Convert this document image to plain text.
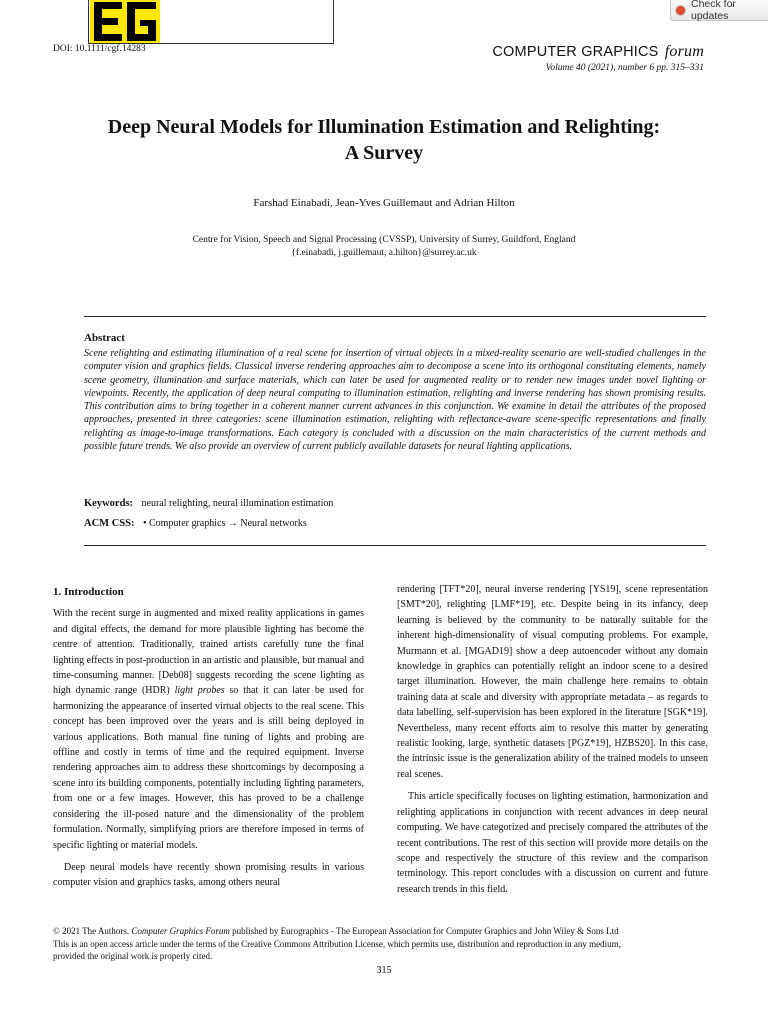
Check for updates
DOI: 10.1111/cgf.14283	COMPUTER GRAPHICS forum
Volume 40 (2021), number 6 pp. 315–331
Deep Neural Models for Illumination Estimation and Relighting:
A Survey
Farshad Einabadi, Jean-Yves Guillemaut and Adrian Hilton
Centre for Vision, Speech and Signal Processing (CVSSP), University of Surrey, Guildford, England
{f.einabadi, j.guillemaut, a.hilton}@surrey.ac.uk
Abstract

Scene relighting and estimating illumination of a real scene for insertion of virtual objects in a mixed-reality scenario are well-studied challenges in the computer vision and graphics fields. Classical inverse rendering approaches aim to decompose a scene into its orthogonal constituting elements, namely scene geometry, illumination and surface materials, which can later be used for augmented reality or to render new images under novel lighting or viewpoints. Recently, the application of deep neural computing to illumination estimation, relighting and inverse rendering has shown promising results. This contribution aims to bring together in a coherent manner current advances in this conjunction. We examine in detail the attributes of the proposed approaches, presented in three categories: scene illumination estimation, relighting with reflectance-aware scene-specific representations and finally relighting as image-to-image transformations. Each category is concluded with a discussion on the main characteristics of the current methods and possible future trends. We also provide an overview of current publicly available datasets for neural lighting applications.

Keywords: neural relighting, neural illumination estimation
ACM CSS: • Computer graphics → Neural networks

1. Introduction

With the recent surge in augmented and mixed reality applications in games and digital effects, the demand for more plausible lighting has become the centre of attention. Traditionally, trained artists carefully tune the final lighting effects in post-production in an artistic and plausible, but manual and time-consuming manner. [Deb08] suggests recording the scene lighting as high dynamic range (HDR) light probes so that it can later be used for harmonizing the appearance of inserted virtual objects to the real scene. This concept has been improved over the years and is still being deployed in various applications. Both manual fine tuning of lights and probing are offline and costly in terms of time and the required equipment. Inverse rendering approaches aim to address these shortcomings by decomposing a scene into its building components, potentially including lighting parameters, from one or a few images. However, this has proved to be a challenge considering the ill-posed nature and the dimensionality of the problem formulation. Normally, simplifying priors are therefore imposed in terms of specific lighting or material models.

Deep neural models have recently shown promising results in various computer vision and graphics tasks, among others neural

rendering [TFT*20], neural inverse rendering [YS19], scene representation [SMT*20], relighting [LMF*19], etc. Despite being in its infancy, deep learning is believed by the community to be naturally suitable for the inherent high-dimensionality of visual computing problems. For example, Murmann et al. [MGAD19] show a deep autoencoder without any domain knowledge in graphics can potentially relight an indoor scene to a desired target illumination. However, the main challenge here remains to obtain training data at scale and diversity with appropriate metadata – as regards to data labelling, self-supervision has been explored in the literature [SGK*19]. Nevertheless, many recent efforts aim to resolve this matter by generating realistic looking, large, synthetic datasets [PGZ*19], HZBS20]. In this case, the intrinsic issue is the generalization ability of the trained models to unseen real scenes.

This article specifically focuses on lighting estimation, harmonization and relighting applications in conjunction with recent advances in deep neural computing. We have categorized and precisely compared the attributes of the recent contributions. The rest of this section will provide more details on the scope and respectively the structure of this review and the comparison terminology. This report concludes with a discussion on current and future research trends in this field.

© 2021 The Authors. Computer Graphics Forum published by Eurographics - The European Association for Computer Graphics and John Wiley & Sons Ltd

This is an open access article under the terms of the Creative Commons Attribution License, which permits use, distribution and reproduction in any medium,

provided the original work is properly cited.

315
